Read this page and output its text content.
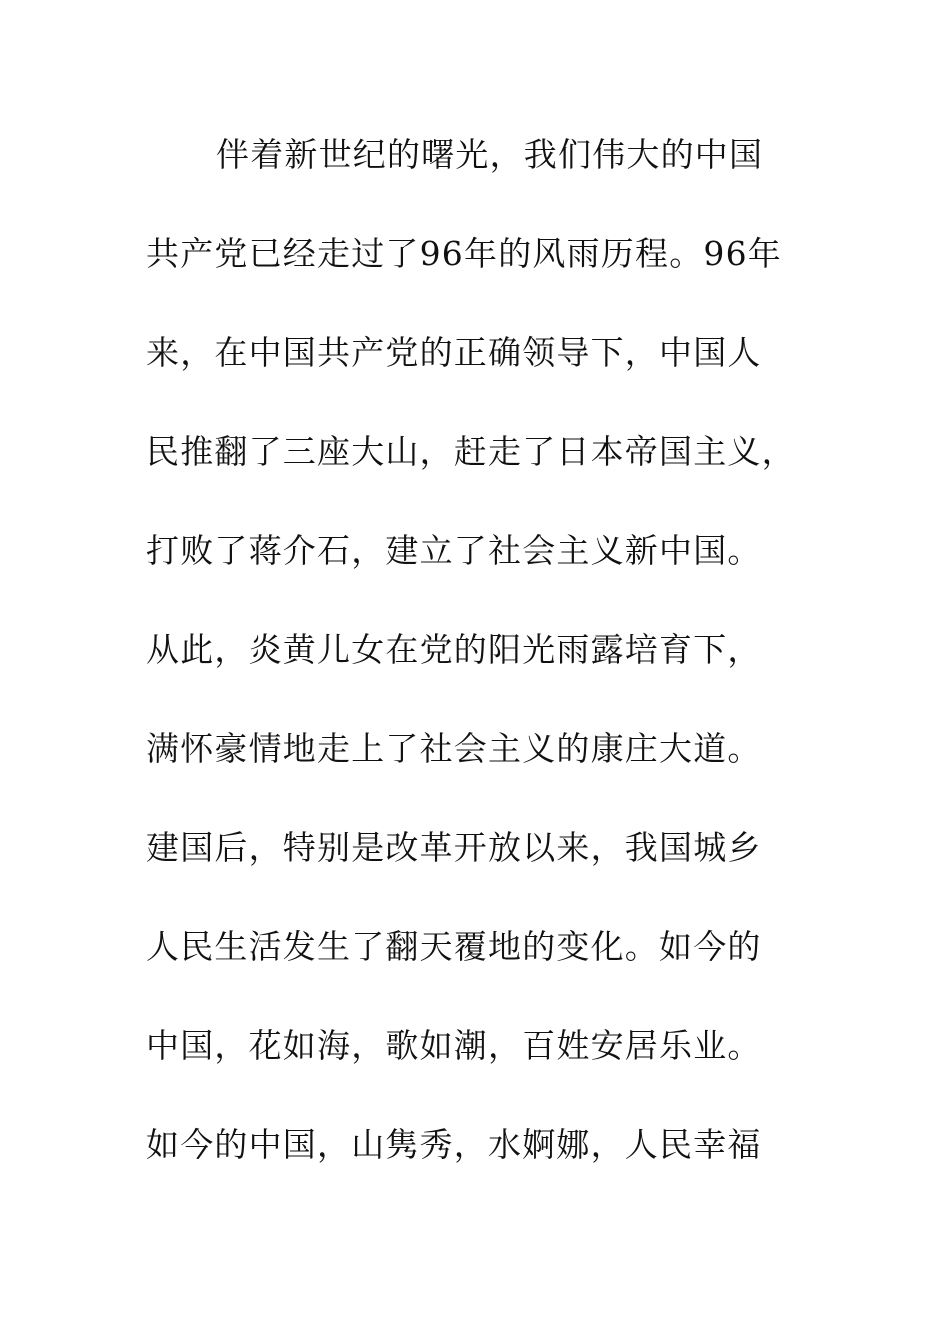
伴着新世纪的曙光，我们伟大的中国
共产党已经走过了96年的风雨历程。96年
来，在中国共产党的正确领导下，中国人
民推翻了三座大山，赶走了日本帝国主义，
打败了蒋介石，建立了社会主义新中国。
从此，炎黄儿女在党的阳光雨露培育下，
满怀豪情地走上了社会主义的康庄大道。
建国后，特别是改革开放以来，我国城乡
人民生活发生了翻天覆地的变化。如今的
中国，花如海，歌如潮，百姓安居乐业。
如今的中国，山隽秀，水婀娜，人民幸福
